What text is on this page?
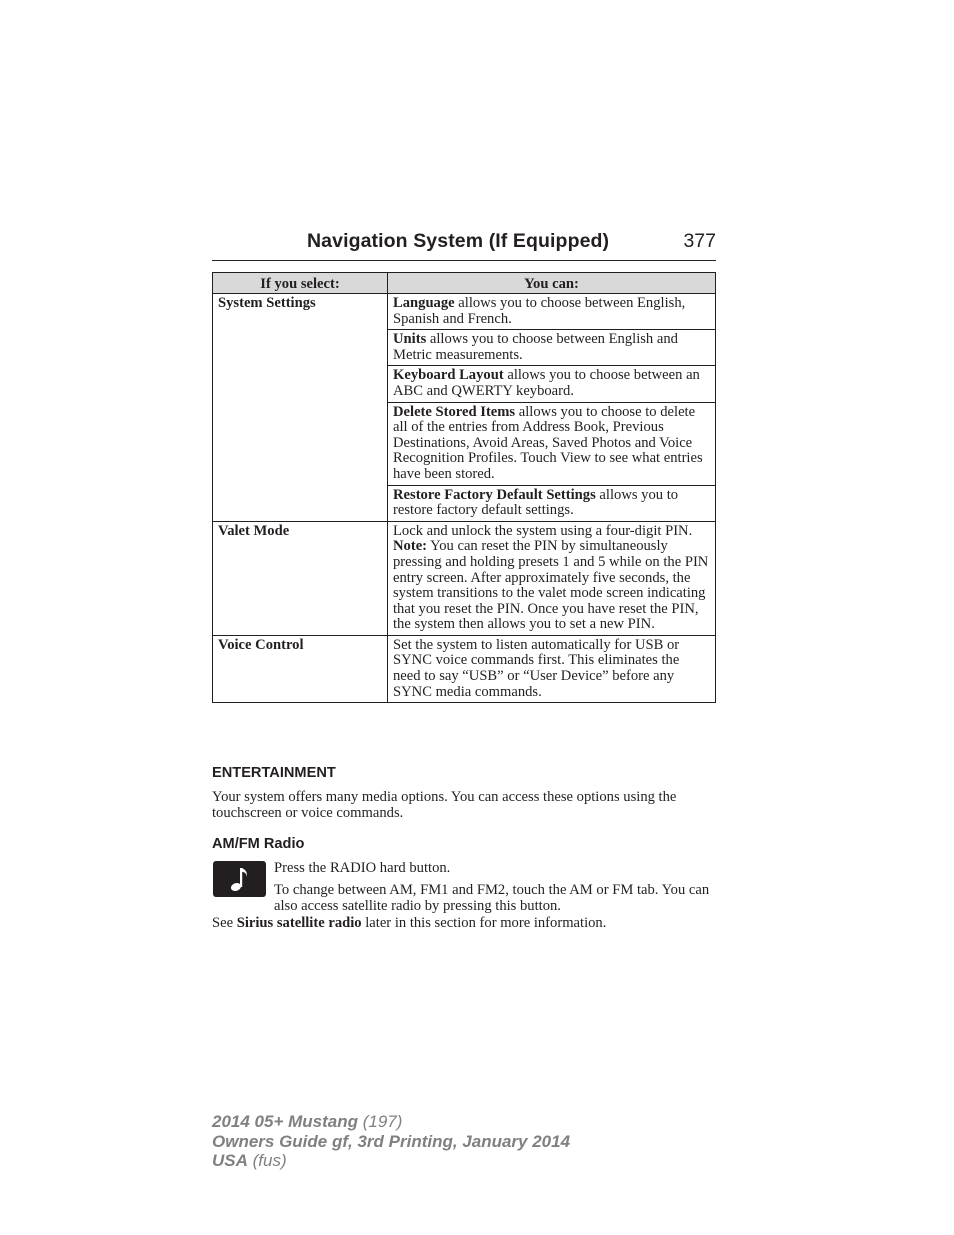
Navigation System (If Equipped)	377
If you select:	You can:
System Settings	Language allows you to choose between English, Spanish and French.
	Units allows you to choose between English and Metric measurements.
	Keyboard Layout allows you to choose between an ABC and QWERTY keyboard.
	Delete Stored Items allows you to choose to delete all of the entries from Address Book, Previous Destinations, Avoid Areas, Saved Photos and Voice Recognition Profiles. Touch View to see what entries have been stored.
	Restore Factory Default Settings allows you to restore factory default settings.
Valet Mode	Lock and unlock the system using a four-digit PIN.
Note: You can reset the PIN by simultaneously pressing and holding presets 1 and 5 while on the PIN entry screen. After approximately five seconds, the system transitions to the valet mode screen indicating that you reset the PIN. Once you have reset the PIN, the system then allows you to set a new PIN.
Voice Control	Set the system to listen automatically for USB or SYNC voice commands first. This eliminates the need to say “USB” or “User Device” before any SYNC media commands.
ENTERTAINMENT
Your system offers many media options. You can access these options using the touchscreen or voice commands.
AM/FM Radio
Press the RADIO hard button.
To change between AM, FM1 and FM2, touch the AM or FM tab. You can also access satellite radio by pressing this button.
See Sirius satellite radio later in this section for more information.
2014 05+ Mustang (197)
Owners Guide gf, 3rd Printing, January 2014
USA (fus)
